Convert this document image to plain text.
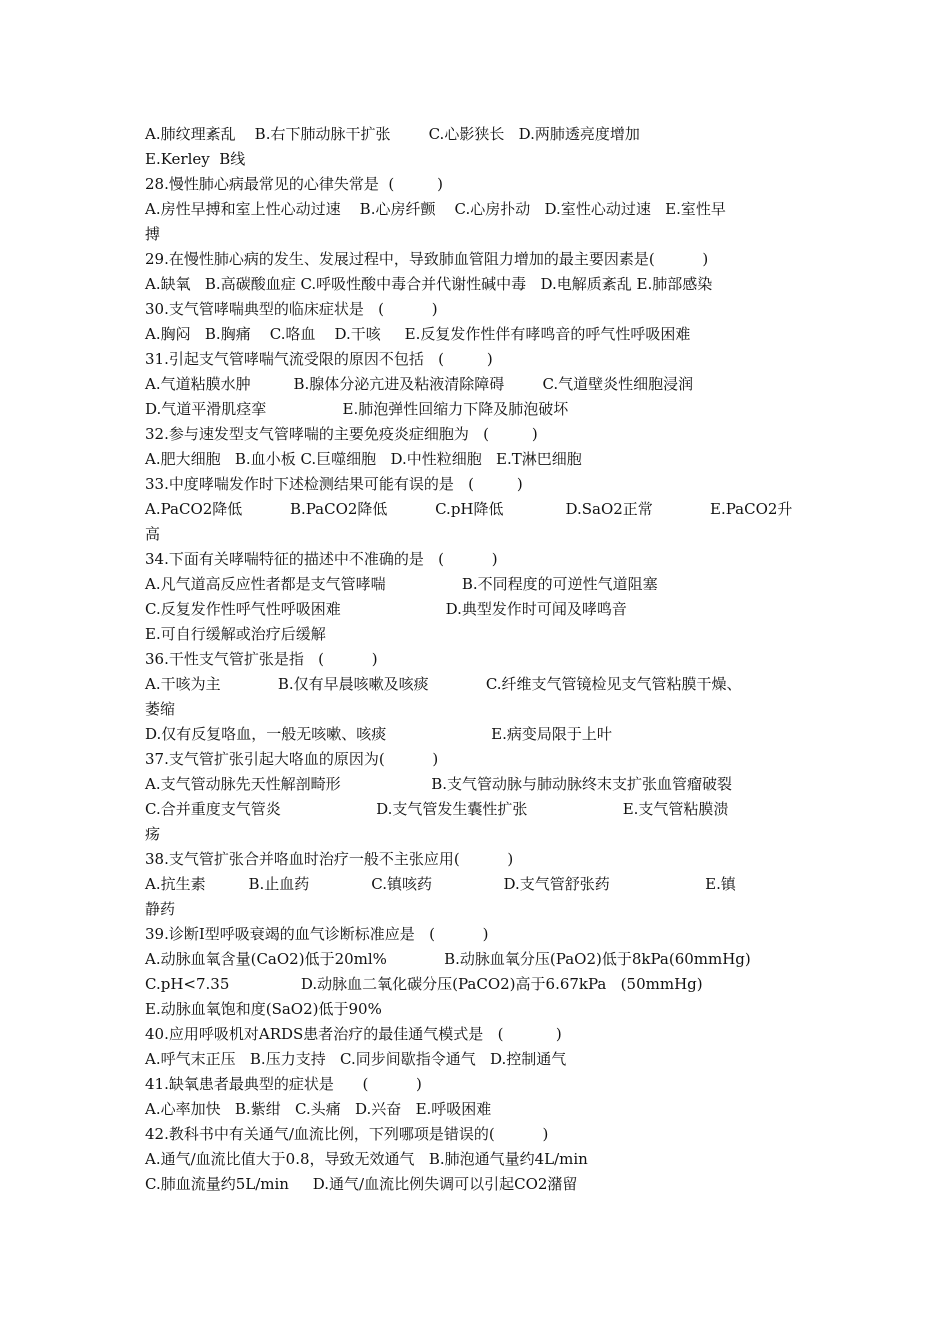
A.肺纹理紊乱    B.右下肺动脉干扩张        C.心影狭长   D.两肺透亮度增加
E.Kerley  B线
28.慢性肺心病最常见的心律失常是  (         )
A.房性早搏和室上性心动过速    B.心房纤颤    C.心房扑动   D.室性心动过速   E.室性早
搏
29.在慢性肺心病的发生、发展过程中，导致肺血管阻力增加的最主要因素是(          )
A.缺氧   B.高碳酸血症 C.呼吸性酸中毒合并代谢性碱中毒   D.电解质紊乱 E.肺部感染
30.支气管哮喘典型的临床症状是   (          )
A.胸闷   B.胸痛    C.咯血    D.干咳     E.反复发作性伴有哮鸣音的呼气性呼吸困难
31.引起支气管哮喘气流受限的原因不包括   (         )
A.气道粘膜水肿         B.腺体分泌亢进及粘液清除障碍        C.气道壁炎性细胞浸润
D.气道平滑肌痉挛                E.肺泡弹性回缩力下降及肺泡破坏
32.参与速发型支气管哮喘的主要免疫炎症细胞为   (         )
A.肥大细胞   B.血小板 C.巨噬细胞   D.中性粒细胞   E.T淋巴细胞
33.中度哮喘发作时下述检测结果可能有误的是   (         )
A.PaCO2降低          B.PaCO2降低          C.pH降低             D.SaO2正常            E.PaCO2升
高
34.下面有关哮喘特征的描述中不准确的是   (          )
A.凡气道高反应性者都是支气管哮喘                B.不同程度的可逆性气道阻塞
C.反复发作性呼气性呼吸困难                      D.典型发作时可闻及哮鸣音
E.可自行缓解或治疗后缓解
36.干性支气管扩张是指   (          )
A.干咳为主            B.仅有早晨咳嗽及咳痰            C.纤维支气管镜检见支气管粘膜干燥、
萎缩
D.仅有反复咯血，一般无咳嗽、咳痰                      E.病变局限于上叶
37.支气管扩张引起大咯血的原因为(          )
A.支气管动脉先天性解剖畸形                   B.支气管动脉与肺动脉终末支扩张血管瘤破裂
C.合并重度支气管炎                    D.支气管发生囊性扩张                    E.支气管粘膜溃
疡
38.支气管扩张合并咯血时治疗一般不主张应用(          )
A.抗生素         B.止血药             C.镇咳药               D.支气管舒张药                    E.镇
静药
39.诊断Ⅰ型呼吸衰竭的血气诊断标准应是   (          )
A.动脉血氧含量(CaO2)低于20ml%            B.动脉血氧分压(PaO2)低于8kPa(60mmHg)
C.pH<7.35               D.动脉血二氧化碳分压(PaCO2)高于6.67kPa   (50mmHg)
E.动脉血氧饱和度(SaO2)低于90%
40.应用呼吸机对ARDS患者治疗的最佳通气模式是   (           )
A.呼气末正压   B.压力支持   C.同步间歇指令通气   D.控制通气
41.缺氧患者最典型的症状是      (          )
A.心率加快   B.紫绀   C.头痛   D.兴奋   E.呼吸困难
42.教科书中有关通气/血流比例，下列哪项是错误的(          )
A.通气/血流比值大于0.8，导致无效通气   B.肺泡通气量约4L/min
C.肺血流量约5L/min     D.通气/血流比例失调可以引起CO2潴留
